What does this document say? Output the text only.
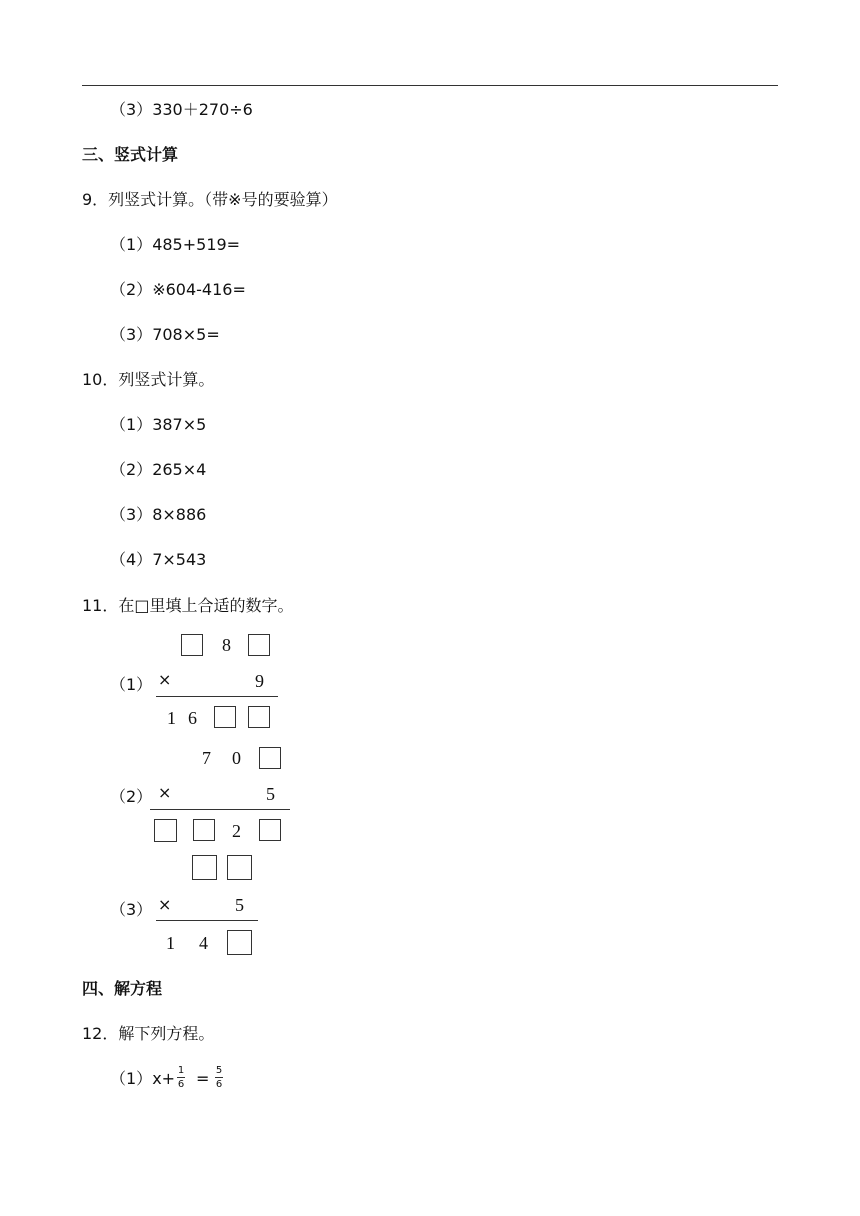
（3）330＋270÷6
三、竖式计算
9．列竖式计算。（带※号的要验算）
（1）485+519=
（2）※604-416=
（3）708×5=
10．列竖式计算。
（1）387×5
（2）265×4
（3）8×886
（4）7×543
11．在□里填上合适的数字。
8
（1） ×	9
1 6
7 0
（2） ×	5
2
（3） ×	5
1 4
四、解方程
12．解下列方程。
（1）x+ 1
6 = 5
6
